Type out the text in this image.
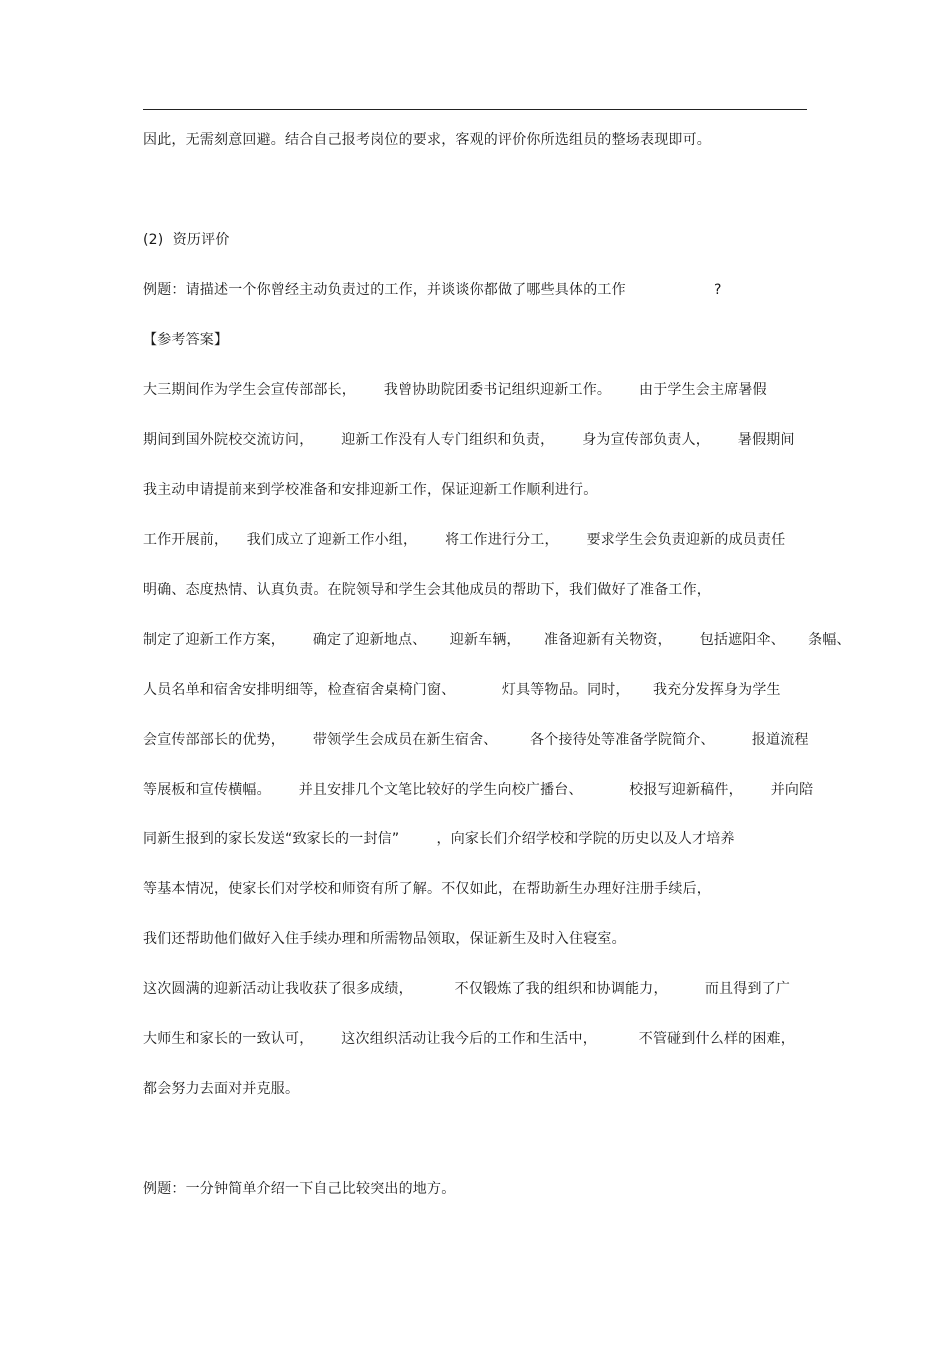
因此，无需刻意回避。结合自己报考岗位的要求，客观的评价你所选组员的整场表现即可。
(2)  资历评价
例题：请描述一个你曾经主动负责过的工作，并谈谈你都做了哪些具体的工作	?
【参考答案】
大三期间作为学生会宣传部部长，      我曾协助院团委书记组织迎新工作。      由于学生会主席暑假
期间到国外院校交流访问，      迎新工作没有人专门组织和负责，      身为宣传部负责人，      暑假期间
我主动申请提前来到学校准备和安排迎新工作，保证迎新工作顺利进行。
工作开展前，    我们成立了迎新工作小组，      将工作进行分工，      要求学生会负责迎新的成员责任
明确、态度热情、认真负责。在院领导和学生会其他成员的帮助下，我们做好了准备工作，
制定了迎新工作方案，      确定了迎新地点、     迎新车辆，     准备迎新有关物资，      包括遮阳伞、     条幅、
人员名单和宿舍安排明细等，检查宿舍桌椅门窗、          灯具等物品。同时，     我充分发挥身为学生
会宣传部部长的优势，      带领学生会成员在新生宿舍、       各个接待处等准备学院简介、        报道流程
等展板和宣传横幅。      并且安排几个文笔比较好的学生向校广播台、          校报写迎新稿件，      并向陪
同新生报到的家长发送“致家长的一封信”        ，向家长们介绍学校和学院的历史以及人才培养
等基本情况，使家长们对学校和师资有所了解。不仅如此，在帮助新生办理好注册手续后，
我们还帮助他们做好入住手续办理和所需物品领取，保证新生及时入住寝室。
这次圆满的迎新活动让我收获了很多成绩，         不仅锻炼了我的组织和协调能力，        而且得到了广
大师生和家长的一致认可，      这次组织活动让我今后的工作和生活中，         不管碰到什么样的困难，
都会努力去面对并克服。
例题：一分钟简单介绍一下自己比较突出的地方。
